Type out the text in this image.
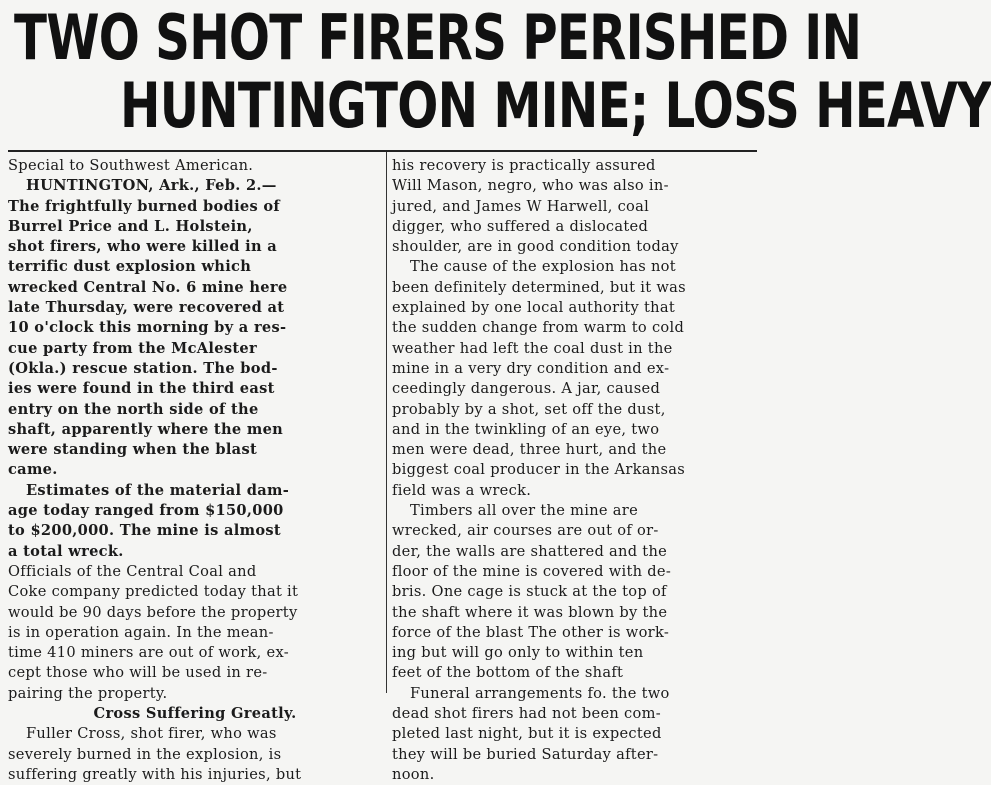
TWO SHOT FIRERS PERISHED IN
HUNTINGTON MINE; LOSS HEAVY
Special to Southwest American.
HUNTINGTON, Ark., Feb. 2.—
The frightfully burned bodies of
Burrel Price and L. Holstein,
shot firers, who were killed in a
terrific dust explosion which
wrecked Central No. 6 mine here
late Thursday, were recovered at
10 o'clock this morning by a res-
cue party from the McAlester
(Okla.) rescue station. The bod-
ies were found in the third east
entry on the north side of the
shaft, apparently where the men
were standing when the blast
came.
Estimates of the material dam-
age today ranged from $150,000
to $200,000. The mine is almost
a total wreck.
Officials of the Central Coal and
Coke company predicted today that it
would be 90 days before the property
is in operation again. In the mean-
time 410 miners are out of work, ex-
cept those who will be used in re-
pairing the property.
Cross Suffering Greatly.
Fuller Cross, shot firer, who was
severely burned in the explosion, is
suffering greatly with his injuries, but
his recovery is practically assured
Will Mason, negro, who was also in-
jured, and James W Harwell, coal
digger, who suffered a dislocated
shoulder, are in good condition today
The cause of the explosion has not
been definitely determined, but it was
explained by one local authority that
the sudden change from warm to cold
weather had left the coal dust in the
mine in a very dry condition and ex-
ceedingly dangerous. A jar, caused
probably by a shot, set off the dust,
and in the twinkling of an eye, two
men were dead, three hurt, and the
biggest coal producer in the Arkansas
field was a wreck.
Timbers all over the mine are
wrecked, air courses are out of or-
der, the walls are shattered and the
floor of the mine is covered with de-
bris. One cage is stuck at the top of
the shaft where it was blown by the
force of the blast The other is work-
ing but will go only to within ten
feet of the bottom of the shaft
Funeral arrangements fo. the two
dead shot firers had not been com-
pleted last night, but it is expected
they will be buried Saturday after-
noon.
